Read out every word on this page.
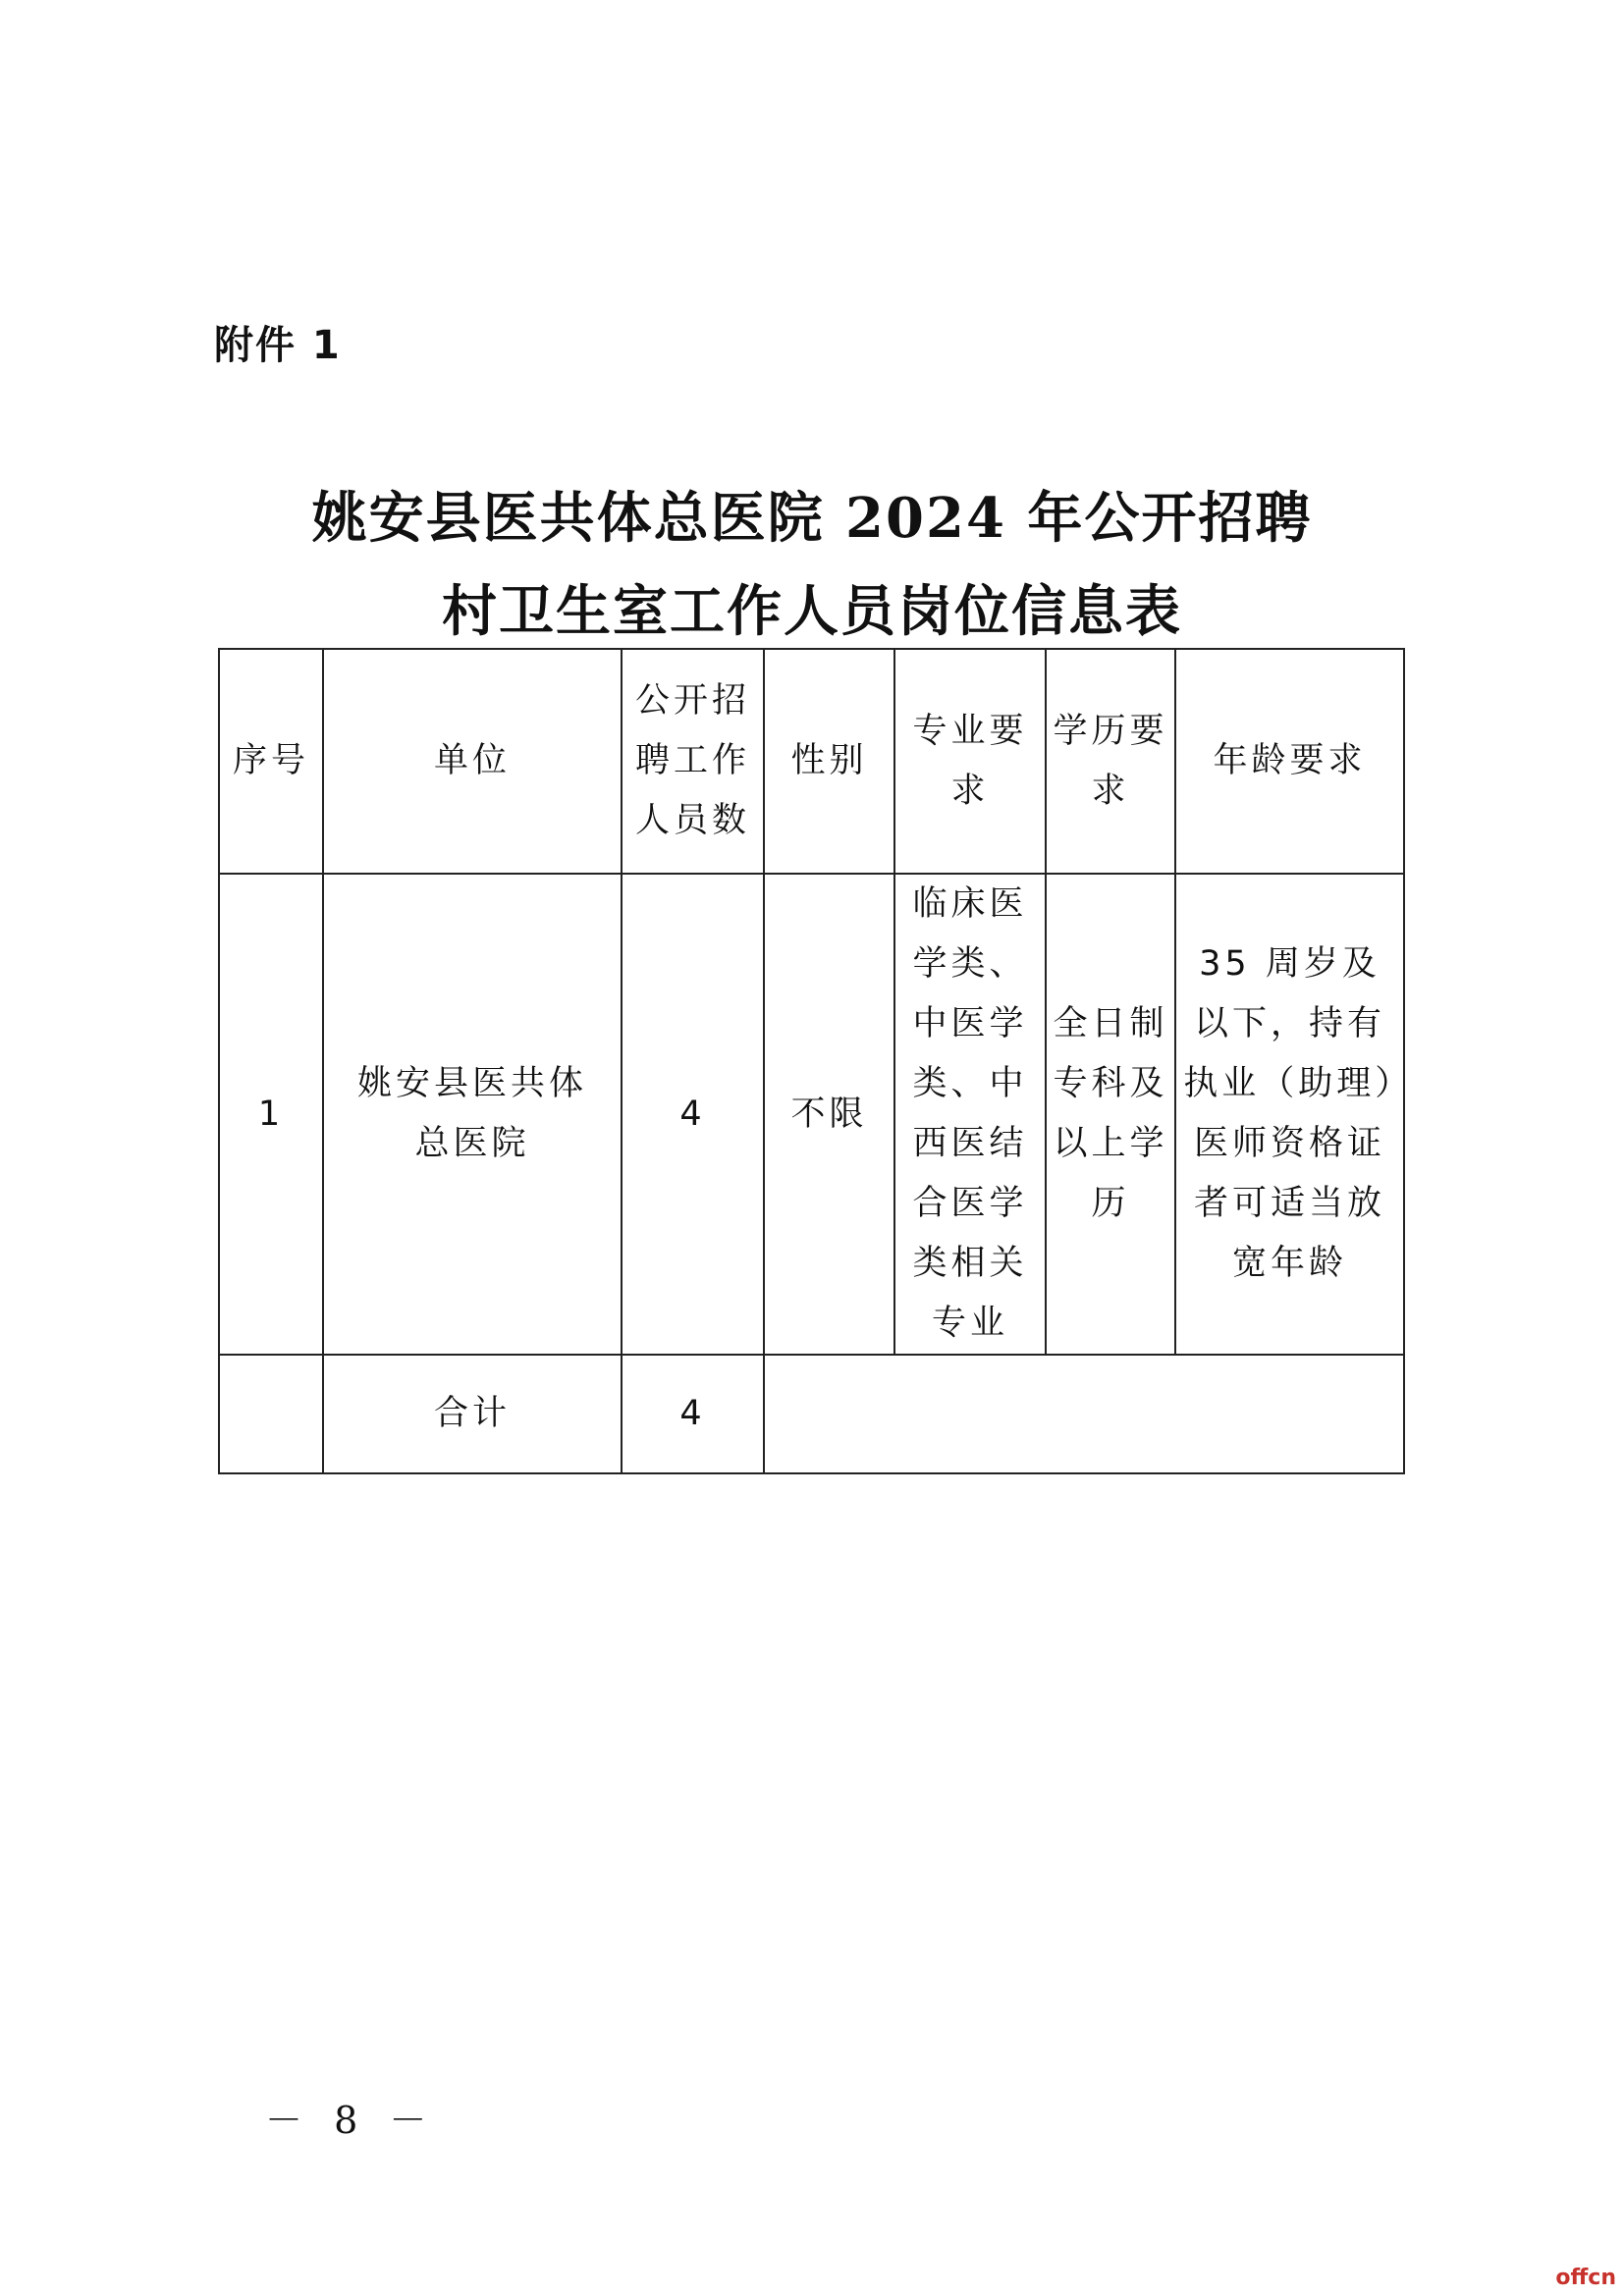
附件 1
姚安县医共体总医院 2024 年公开招聘
村卫生室工作人员岗位信息表
序号	单位	公开招聘工作人员数	性别	专业要求	学历要求	年龄要求

1	姚安县医共体总医院	4	不限	临床医学类、中医学类、中西医结合医学类相关专业	全日制专科及以上学历	35 周岁及以下，持有执业（助理）医师资格证者可适当放宽年龄

	合计	4				

－ 8 －
offcn
